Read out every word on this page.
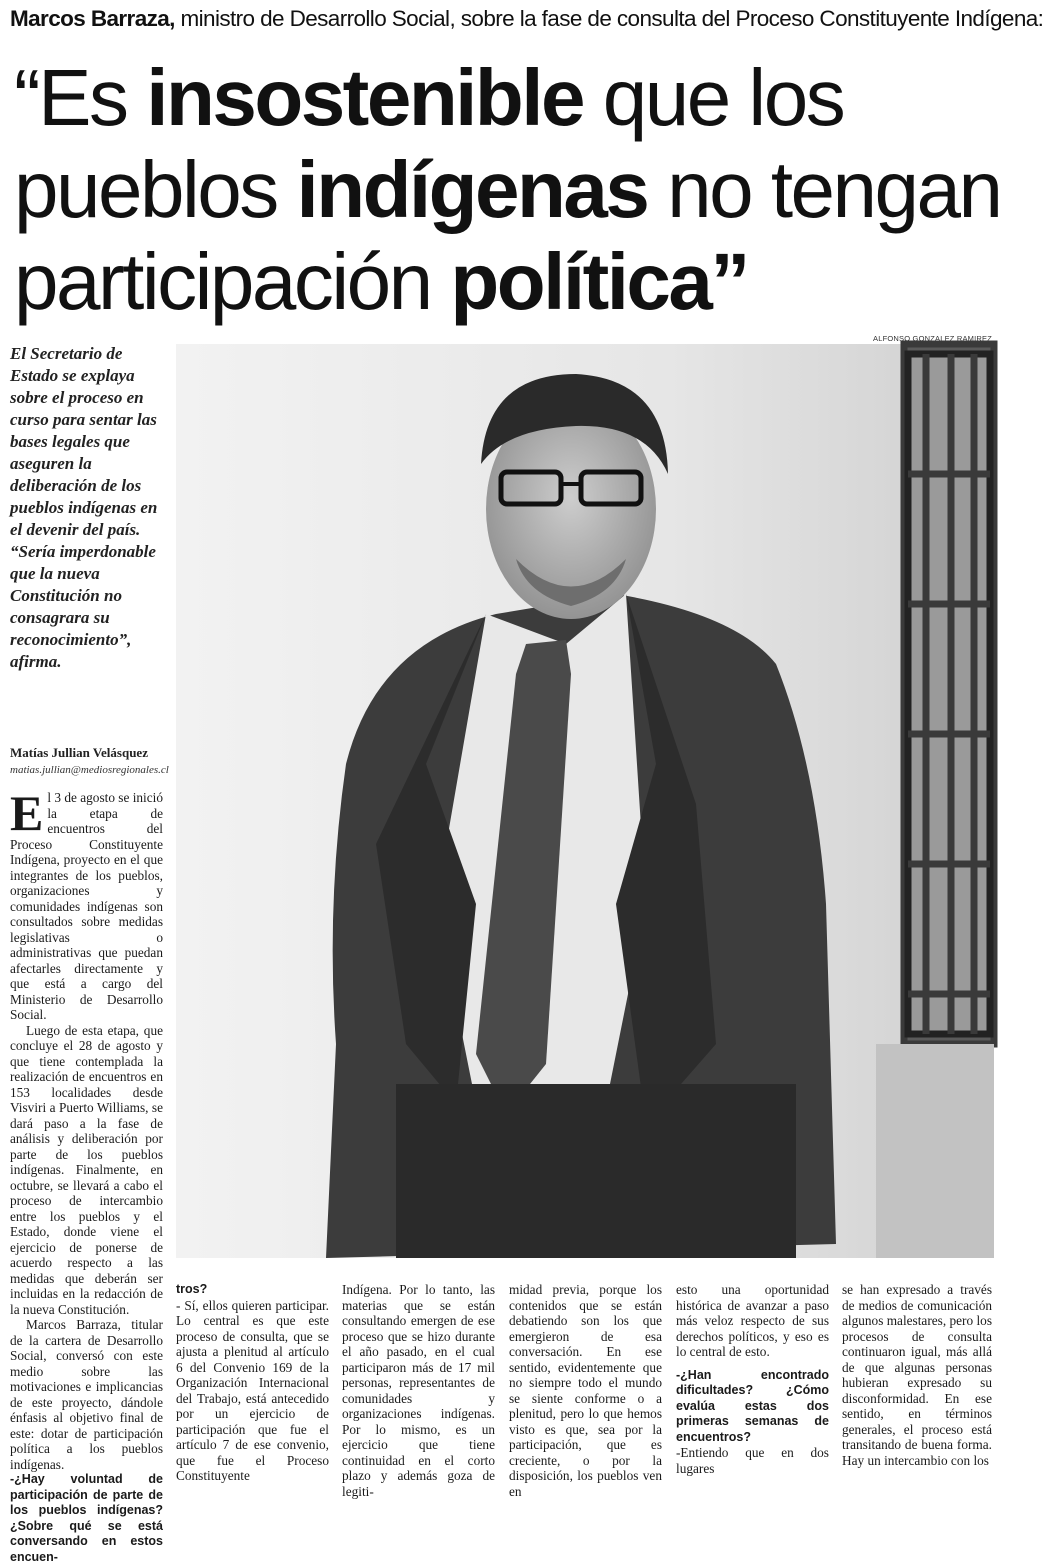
Marcos Barraza, ministro de Desarrollo Social, sobre la fase de consulta del Proceso Constituyente Indígena:
“Es insostenible que los
pueblos indígenas no tengan
participación política”
ALFONSO GONZALEZ RAMIREZ

El Secretario de Estado se explaya sobre el proceso en curso para sentar las bases legales que aseguren la deliberación de los pueblos indígenas en el devenir del país. “Sería imperdonable que la nueva Constitución no consagrara su reconocimiento”, afirma.

Matías Jullian Velásquez
matias.jullian@mediosregionales.cl
E l 3 de agosto se inició la etapa de encuentros del Proceso Constituyente Indígena, proyecto en el que integrantes de los pueblos, organizaciones y comunidades indígenas son consultados sobre medidas legislativas o administrativas que puedan afectarles directamente y que está a cargo del Ministerio de Desarrollo Social.

Luego de esta etapa, que concluye el 28 de agosto y que tiene contemplada la realización de encuentros en 153 localidades desde Visviri a Puerto Williams, se dará paso a la fase de análisis y deliberación por parte de los pueblos indígenas. Finalmente, en octubre, se llevará a cabo el proceso de intercambio entre los pueblos y el Estado, donde viene el ejercicio de ponerse de acuerdo respecto a las medidas que deberán ser incluidas en la redacción de la nueva Constitución.

Marcos Barraza, titular de la cartera de Desarrollo Social, conversó con este medio sobre las motivaciones e implicancias de este proyecto, dándole énfasis al objetivo final de este: dotar de participación política a los pueblos indígenas.

-¿Hay voluntad de participación de parte de los pueblos indígenas? ¿Sobre qué se está conversando en estos encuen-

tros?

- Sí, ellos quieren participar. Lo central es que este proceso de consulta, que se ajusta a plenitud al artículo 6 del Convenio 169 de la Organización Internacional del Trabajo, está antecedido por un ejercicio de participación que fue el artículo 7 de ese convenio, que fue el Proceso Constituyente

Indígena. Por lo tanto, las materias que se están consultando emergen de ese proceso que se hizo durante el año pasado, en el cual participaron más de 17 mil personas, representantes de comunidades y organizaciones indígenas. Por lo mismo, es un ejercicio que tiene continuidad en el corto plazo y además goza de legiti-

midad previa, porque los contenidos que se están debatiendo son los que emergieron de esa conversación. En ese sentido, evidentemente que no siempre todo el mundo se siente conforme o a plenitud, pero lo que hemos visto es que, sea por la participación, que es creciente, o por la disposición, los pueblos ven en

esto una oportunidad histórica de avanzar a paso más veloz respecto de sus derechos políticos, y eso es lo central de esto.

-¿Han encontrado dificultades? ¿Cómo evalúa estas dos primeras semanas de encuentros?

-Entiendo que en dos lugares

se han expresado a través de medios de comunicación algunos malestares, pero los procesos de consulta continuaron igual, más allá de que algunas personas hubieran expresado su disconformidad. En ese sentido, en términos generales, el proceso está transitando de buena forma. Hay un intercambio con los
